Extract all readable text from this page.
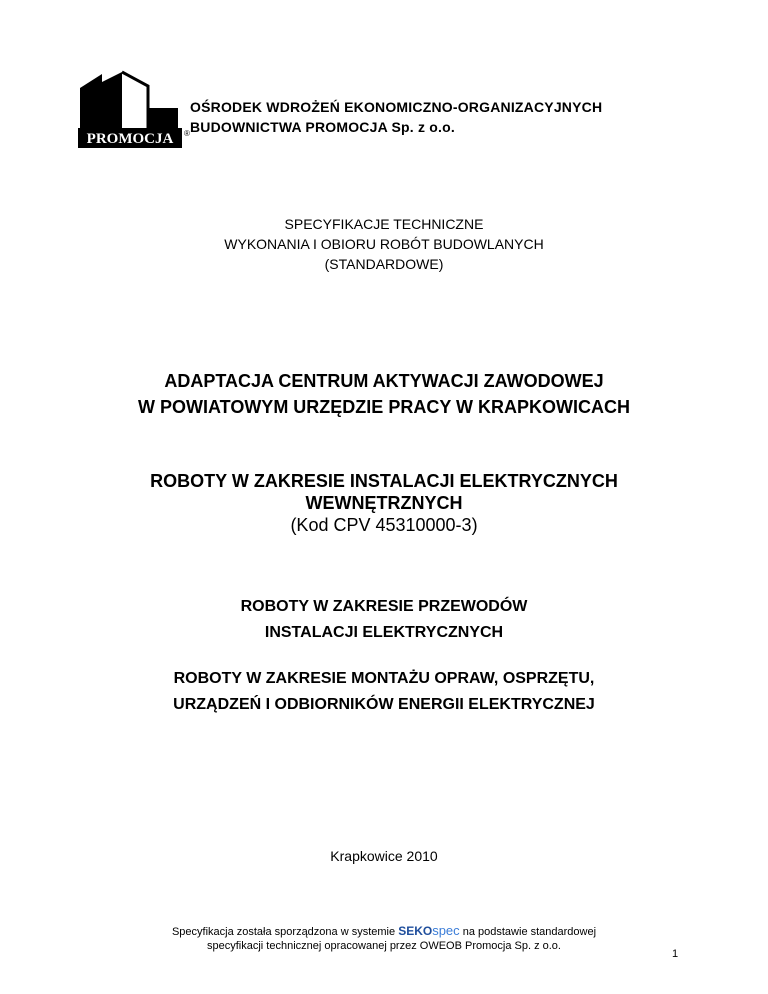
PROMOCJA ®
OŚRODEK WDROŻEŃ EKONOMICZNO-ORGANIZACYJNYCH
BUDOWNICTWA PROMOCJA Sp. z o.o.
SPECYFIKACJE TECHNICZNE
WYKONANIA I OBIORU ROBÓT BUDOWLANYCH
(STANDARDOWE)
ADAPTACJA CENTRUM AKTYWACJI ZAWODOWEJ
W POWIATOWYM URZĘDZIE PRACY W KRAPKOWICACH
ROBOTY W ZAKRESIE INSTALACJI ELEKTRYCZNYCH
WEWNĘTRZNYCH
(Kod CPV 45310000-3)
ROBOTY W ZAKRESIE PRZEWODÓW
INSTALACJI ELEKTRYCZNYCH
ROBOTY W ZAKRESIE MONTAŻU OPRAW, OSPRZĘTU,
URZĄDZEŃ I ODBIORNIKÓW ENERGII ELEKTRYCZNEJ
Krapkowice 2010
Specyfikacja została sporządzona w systemie SEKOspec na podstawie standardowej
specyfikacji technicznej opracowanej przez OWEOB Promocja Sp. z o.o.
1
